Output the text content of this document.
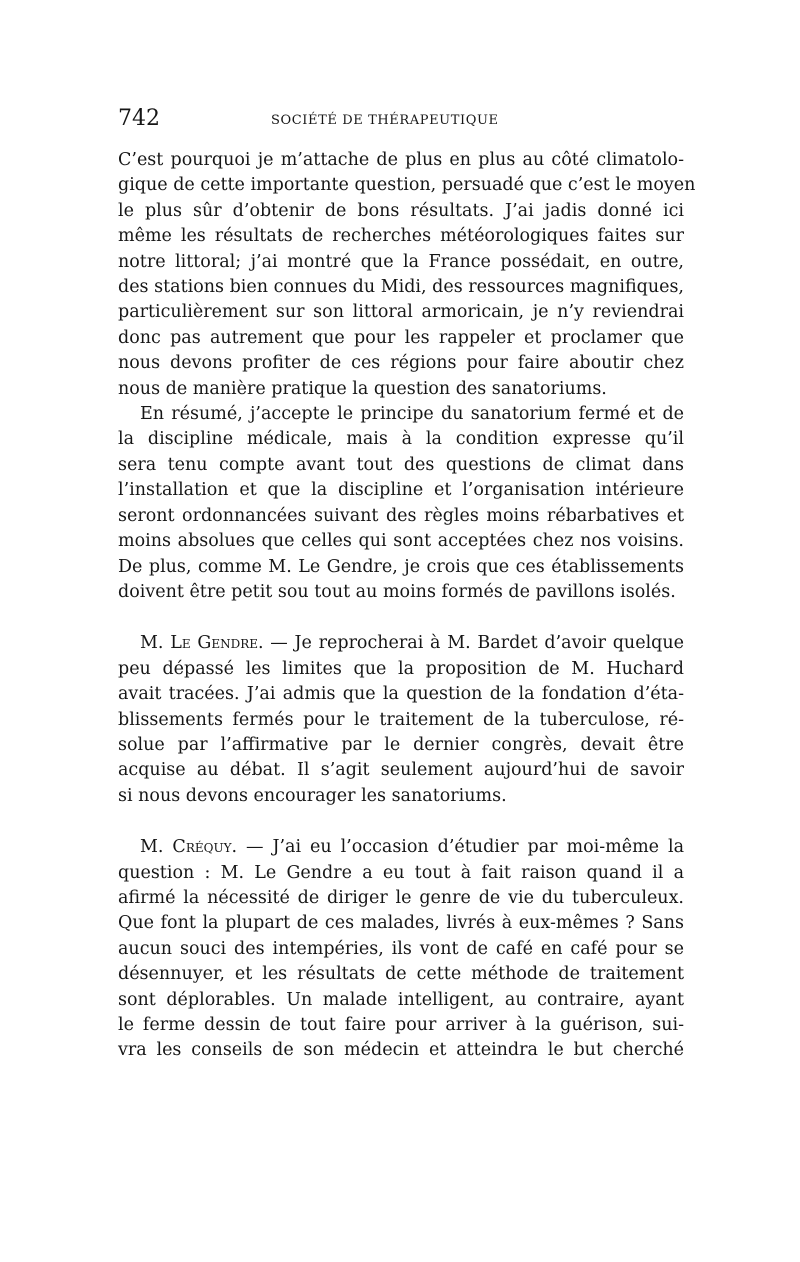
742	SOCIÉTÉ DE THÉRAPEUTIQUE
C’est pourquoi je m’attache de plus en plus au côté climatolo-
gique de cette importante question, persuadé que c’est le moyen
le plus sûr d’obtenir de bons résultats. J’ai jadis donné ici
même les résultats de recherches météorologiques faites sur
notre littoral; j’ai montré que la France possédait, en outre,
des stations bien connues du Midi, des ressources magnifiques,
particulièrement sur son littoral armoricain, je n’y reviendrai
donc pas autrement que pour les rappeler et proclamer que
nous devons profiter de ces régions pour faire aboutir chez
nous de manière pratique la question des sanatoriums.
En résumé, j’accepte le principe du sanatorium fermé et de
la discipline médicale, mais à la condition expresse qu’il
sera tenu compte avant tout des questions de climat dans
l’installation et que la discipline et l’organisation intérieure
seront ordonnancées suivant des règles moins rébarbatives et
moins absolues que celles qui sont acceptées chez nos voisins.
De plus, comme M. Le Gendre, je crois que ces établissements
doivent être petit sou tout au moins formés de pavillons isolés.
M. Le Gendre. — Je reprocherai à M. Bardet d’avoir quelque
peu dépassé les limites que la proposition de M. Huchard
avait tracées. J’ai admis que la question de la fondation d’éta-
blissements fermés pour le traitement de la tuberculose, ré-
solue par l’affirmative par le dernier congrès, devait être
acquise au débat. Il s’agit seulement aujourd’hui de savoir
si nous devons encourager les sanatoriums.
M. Créquy. — J’ai eu l’occasion d’étudier par moi-même la
question : M. Le Gendre a eu tout à fait raison quand il a
afirmé la nécessité de diriger le genre de vie du tuberculeux.
Que font la plupart de ces malades, livrés à eux-mêmes ? Sans
aucun souci des intempéries, ils vont de café en café pour se
désennuyer, et les résultats de cette méthode de traitement
sont déplorables. Un malade intelligent, au contraire, ayant
le ferme dessin de tout faire pour arriver à la guérison, sui-
vra les conseils de son médecin et atteindra le but cherché
